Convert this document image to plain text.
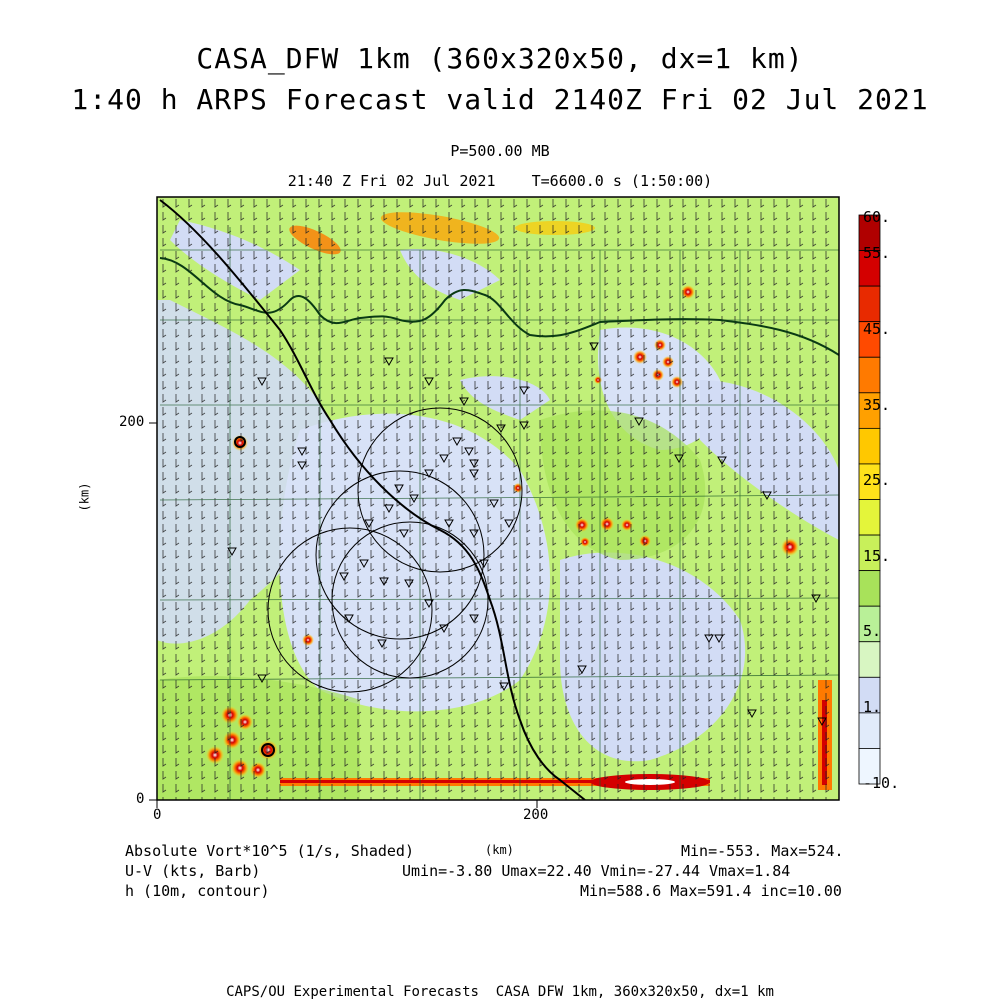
CASA_DFW 1km (360x320x50, dx=1 km)
1:40 h ARPS Forecast valid 2140Z Fri 02 Jul 2021
P=500.00 MB
21:40 Z Fri 02 Jul 2021    T=6600.0 s (1:50:00)
0
200
0	200
(km)
(km)
60.
55.
45.
35.
25.
15.
5.
1.
-10.
Absolute Vort*10^5 (1/s, Shaded)	Min=-553. Max=524.
U-V (kts, Barb)	Umin=-3.80 Umax=22.40 Vmin=-27.44 Vmax=1.84
h (10m, contour)	Min=588.6 Max=591.4 inc=10.00
CAPS/OU Experimental Forecasts  CASA DFW 1km, 360x320x50, dx=1 km
